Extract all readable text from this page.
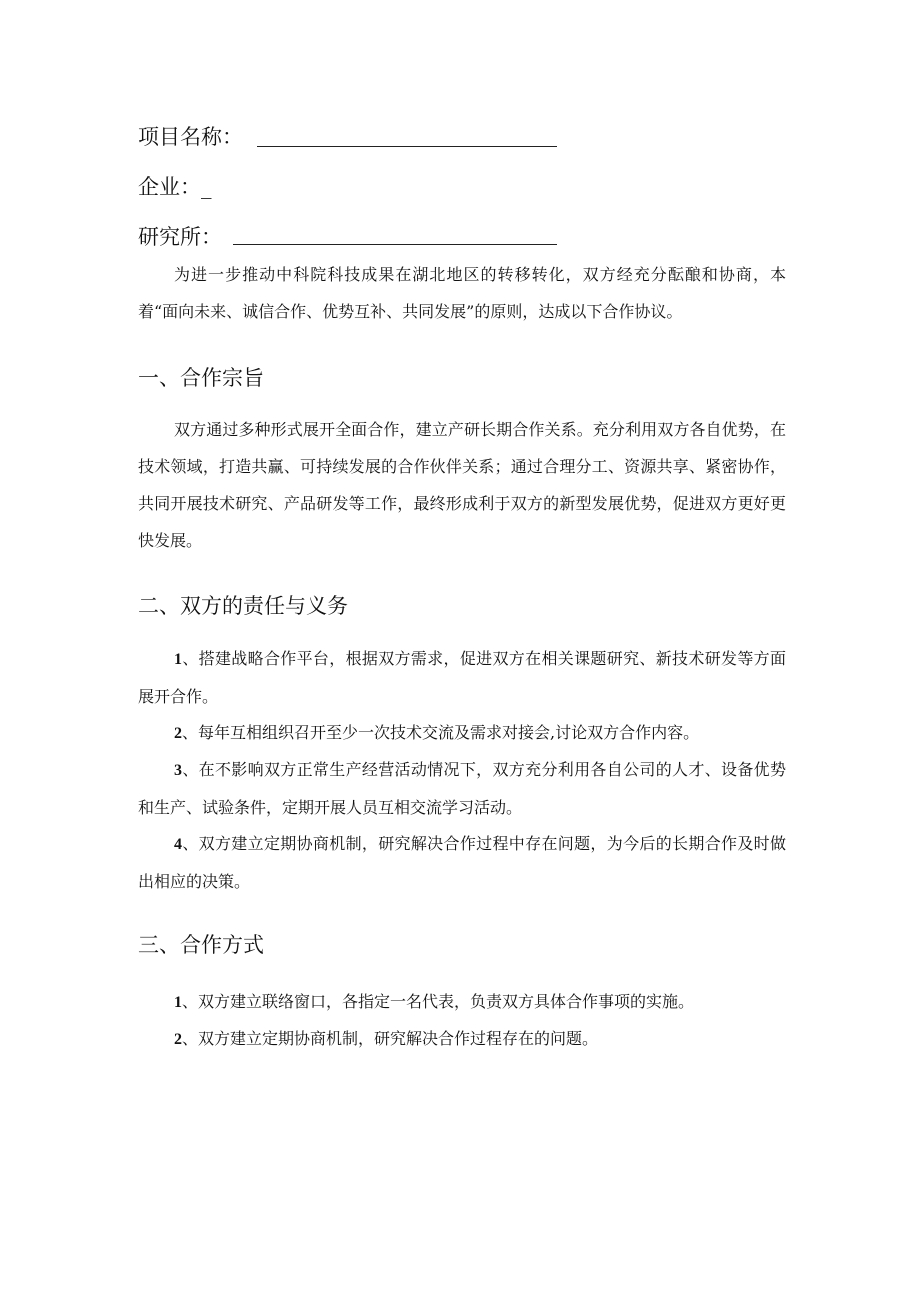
项目名称：
企业：_
研究所：

为进一步推动中科院科技成果在湖北地区的转移转化，双方经充分酝酿和协商，本着“面向未来、诚信合作、优势互补、共同发展”的原则，达成以下合作协议。

一、合作宗旨

双方通过多种形式展开全面合作，建立产研长期合作关系。充分利用双方各自优势，在技术领域，打造共赢、可持续发展的合作伙伴关系；通过合理分工、资源共享、紧密协作，共同开展技术研究、产品研发等工作，最终形成利于双方的新型发展优势，促进双方更好更快发展。

二、双方的责任与义务

1、搭建战略合作平台，根据双方需求，促进双方在相关课题研究、新技术研发等方面展开合作。

2、每年互相组织召开至少一次技术交流及需求对接会,讨论双方合作内容。

3、在不影响双方正常生产经营活动情况下，双方充分利用各自公司的人才、设备优势和生产、试验条件，定期开展人员互相交流学习活动。

4、双方建立定期协商机制，研究解决合作过程中存在问题，为今后的长期合作及时做出相应的决策。

三、合作方式

1、双方建立联络窗口，各指定一名代表，负责双方具体合作事项的实施。

2、双方建立定期协商机制，研究解决合作过程存在的问题。
